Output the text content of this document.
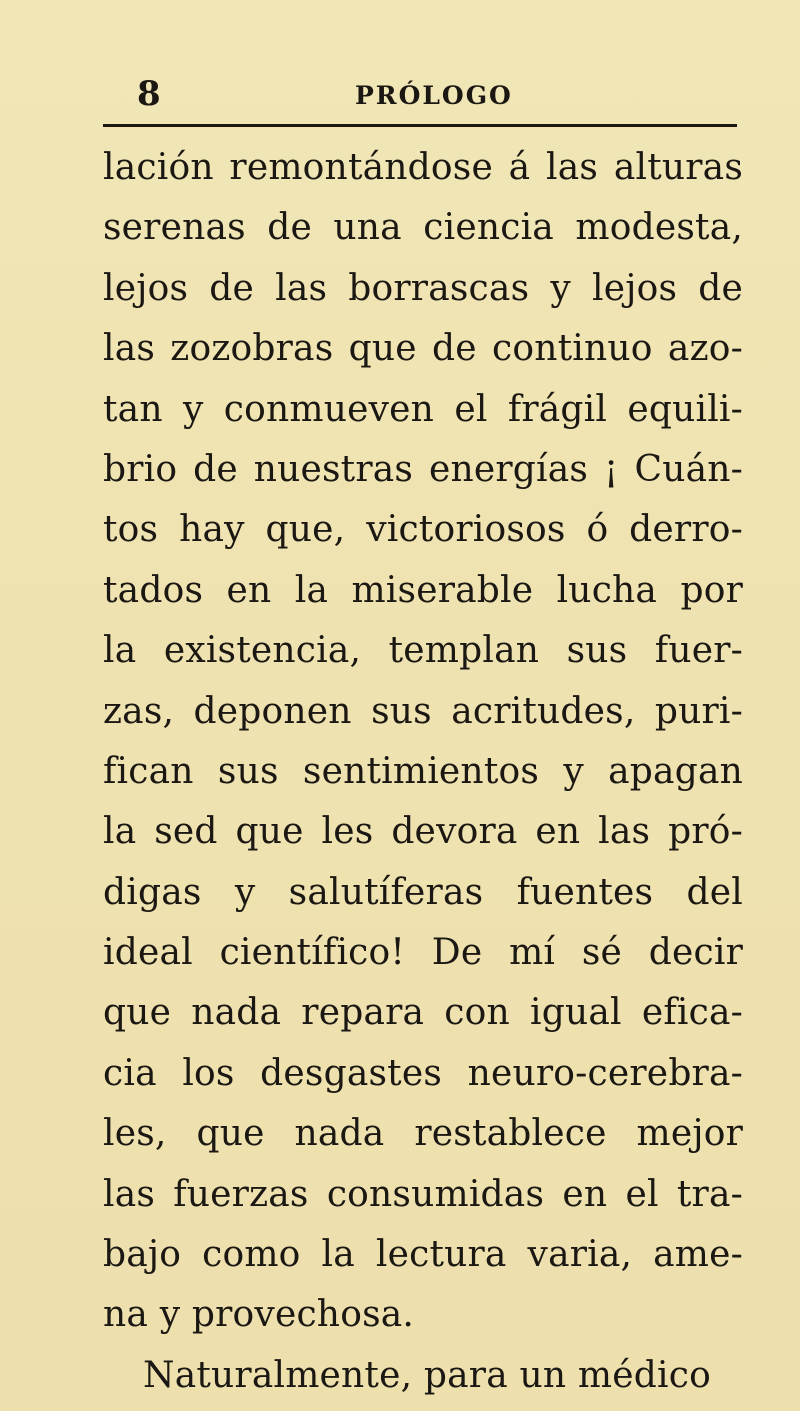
8	PRÓLOGO
lación remontándose á las alturas
serenas de una ciencia modesta,
lejos de las borrascas y lejos de
las zozobras que de continuo azo-
tan y conmueven el frágil equili-
brio de nuestras energías ¡ Cuán-
tos hay que, victoriosos ó derro-
tados en la miserable lucha por
la existencia, templan sus fuer-
zas, deponen sus acritudes, puri-
fican sus sentimientos y apagan
la sed que les devora en las pró-
digas y salutíferas fuentes del
ideal científico! De mí sé decir
que nada repara con igual efica-
cia los desgastes neuro-cerebra-
les, que nada restablece mejor
las fuerzas consumidas en el tra-
bajo como la lectura varia, ame-
na y provechosa.
Naturalmente, para un médico
